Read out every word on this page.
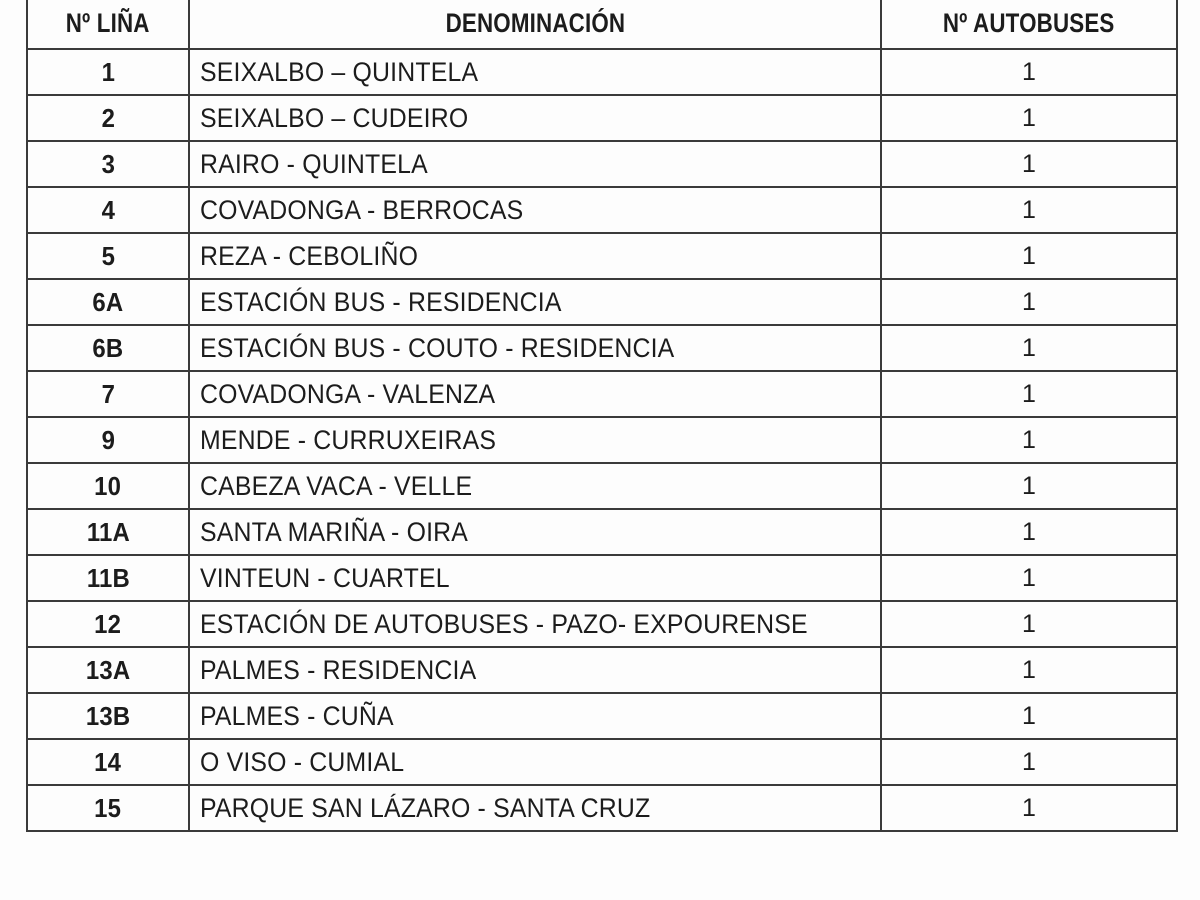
Nº LIÑA	DENOMINACIÓN	Nº AUTOBUSES
1	SEIXALBO – QUINTELA	1
2	SEIXALBO – CUDEIRO	1
3	RAIRO - QUINTELA	1
4	COVADONGA - BERROCAS	1
5	REZA - CEBOLIÑO	1
6A	ESTACIÓN BUS - RESIDENCIA	1
6B	ESTACIÓN BUS - COUTO - RESIDENCIA	1
7	COVADONGA - VALENZA	1
9	MENDE - CURRUXEIRAS	1
10	CABEZA VACA - VELLE	1
11A	SANTA MARIÑA - OIRA	1
11B	VINTEUN - CUARTEL	1
12	ESTACIÓN DE AUTOBUSES - PAZO- EXPOURENSE	1
13A	PALMES - RESIDENCIA	1
13B	PALMES - CUÑA	1
14	O VISO - CUMIAL	1
15	PARQUE SAN LÁZARO - SANTA CRUZ	1
